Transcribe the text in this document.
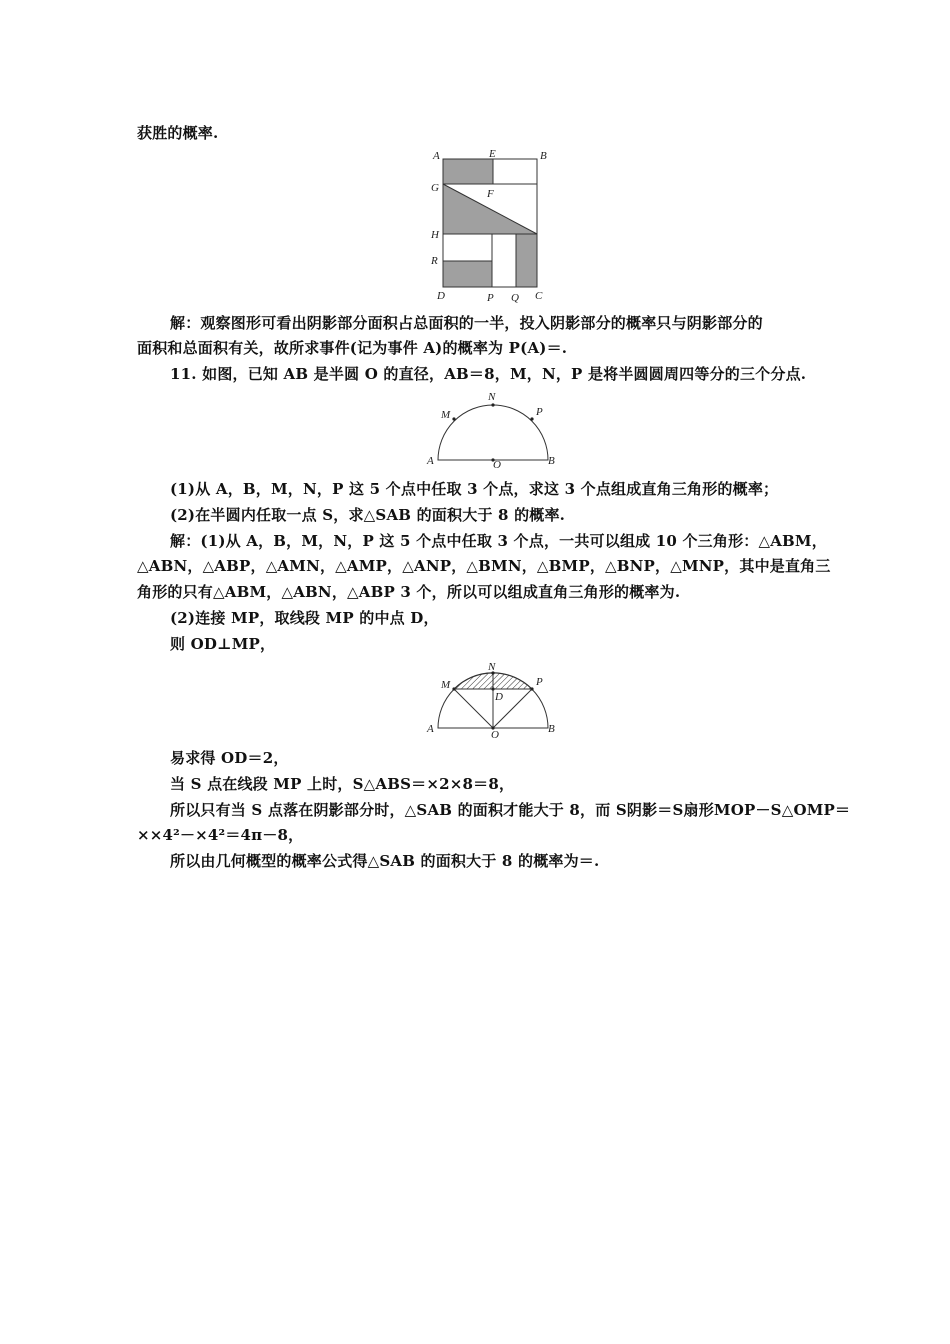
获胜的概率.
A	E	B
G	F
H
R
D	P Q C
解：观察图形可看出阴影部分面积占总面积的一半，投入阴影部分的概率只与阴影部分的
面积和总面积有关，故所求事件(记为事件 A)的概率为 P(A)＝.
11. 如图，已知 AB 是半圆 O 的直径，AB＝8，M，N，P 是将半圆圆周四等分的三个分点.
M
N
P
A	O	B
(1)从 A，B，M，N，P 这 5 个点中任取 3 个点，求这 3 个点组成直角三角形的概率；
(2)在半圆内任取一点 S，求△SAB 的面积大于 8 的概率.
解：(1)从 A，B，M，N，P 这 5 个点中任取 3 个点，一共可以组成 10 个三角形：△ABM，
△ABN，△ABP，△AMN，△AMP，△ANP，△BMN，△BMP，△BNP，△MNP，其中是直角三
角形的只有△ABM，△ABN，△ABP 3 个，所以可以组成直角三角形的概率为.
(2)连接 MP，取线段 MP 的中点 D，
则 OD⊥MP，
M
N
P
D
A	O	B
易求得 OD＝2，
当 S 点在线段 MP 上时，S△ABS＝×2×8＝8，
所以只有当 S 点落在阴影部分时，△SAB 的面积才能大于 8，而 S阴影＝S扇形MOP－S△OMP＝
××4²－×4²＝4π－8，
所以由几何概型的概率公式得△SAB 的面积大于 8 的概率为＝.
